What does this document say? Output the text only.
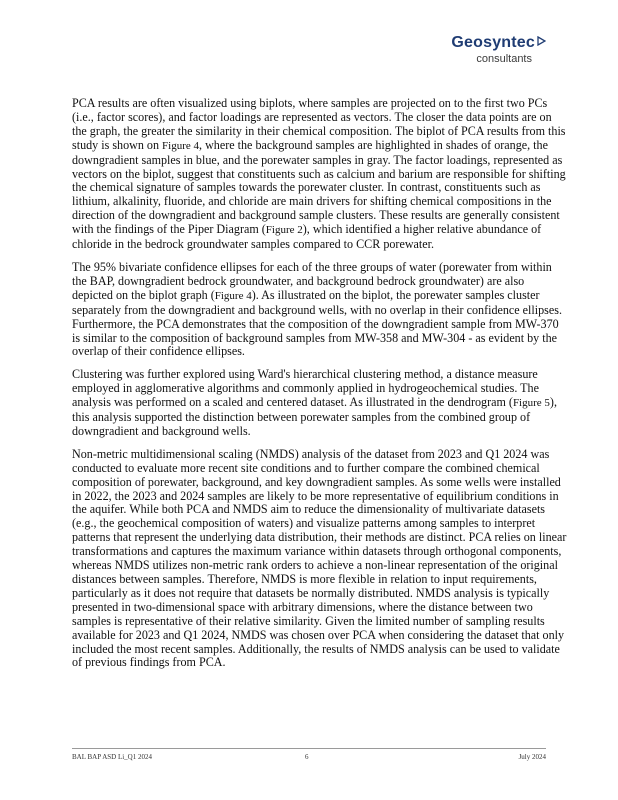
Geosyntec
consultants

PCA results are often visualized using biplots, where samples are projected on to the first two PCs (i.e., factor scores), and factor loadings are represented as vectors. The closer the data points are on the graph, the greater the similarity in their chemical composition. The biplot of PCA results from this study is shown on Figure 4, where the background samples are highlighted in shades of orange, the downgradient samples in blue, and the porewater samples in gray. The factor loadings, represented as vectors on the biplot, suggest that constituents such as calcium and barium are responsible for shifting the chemical signature of samples towards the porewater cluster. In contrast, constituents such as lithium, alkalinity, fluoride, and chloride are main drivers for shifting chemical compositions in the direction of the downgradient and background sample clusters. These results are generally consistent with the findings of the Piper Diagram (Figure 2), which identified a higher relative abundance of chloride in the bedrock groundwater samples compared to CCR porewater.

The 95% bivariate confidence ellipses for each of the three groups of water (porewater from within the BAP, downgradient bedrock groundwater, and background bedrock groundwater) are also depicted on the biplot graph (Figure 4). As illustrated on the biplot, the porewater samples cluster separately from the downgradient and background wells, with no overlap in their confidence ellipses. Furthermore, the PCA demonstrates that the composition of the downgradient sample from MW-370 is similar to the composition of background samples from MW-358 and MW-304 - as evident by the overlap of their confidence ellipses.

Clustering was further explored using Ward's hierarchical clustering method, a distance measure employed in agglomerative algorithms and commonly applied in hydrogeochemical studies. The analysis was performed on a scaled and centered dataset. As illustrated in the dendrogram (Figure 5), this analysis supported the distinction between porewater samples from the combined group of downgradient and background wells.

Non-metric multidimensional scaling (NMDS) analysis of the dataset from 2023 and Q1 2024 was conducted to evaluate more recent site conditions and to further compare the combined chemical composition of porewater, background, and key downgradient samples. As some wells were installed in 2022, the 2023 and 2024 samples are likely to be more representative of equilibrium conditions in the aquifer. While both PCA and NMDS aim to reduce the dimensionality of multivariate datasets (e.g., the geochemical composition of waters) and visualize patterns among samples to interpret patterns that represent the underlying data distribution, their methods are distinct. PCA relies on linear transformations and captures the maximum variance within datasets through orthogonal components, whereas NMDS utilizes non-metric rank orders to achieve a non-linear representation of the original distances between samples. Therefore, NMDS is more flexible in relation to input requirements, particularly as it does not require that datasets be normally distributed. NMDS analysis is typically presented in two-dimensional space with arbitrary dimensions, where the distance between two samples is representative of their relative similarity. Given the limited number of sampling results available for 2023 and Q1 2024, NMDS was chosen over PCA when considering the dataset that only included the most recent samples. Additionally, the results of NMDS analysis can be used to validate of previous findings from PCA.

BAL BAP ASD Li_Q1 2024	6	July 2024
